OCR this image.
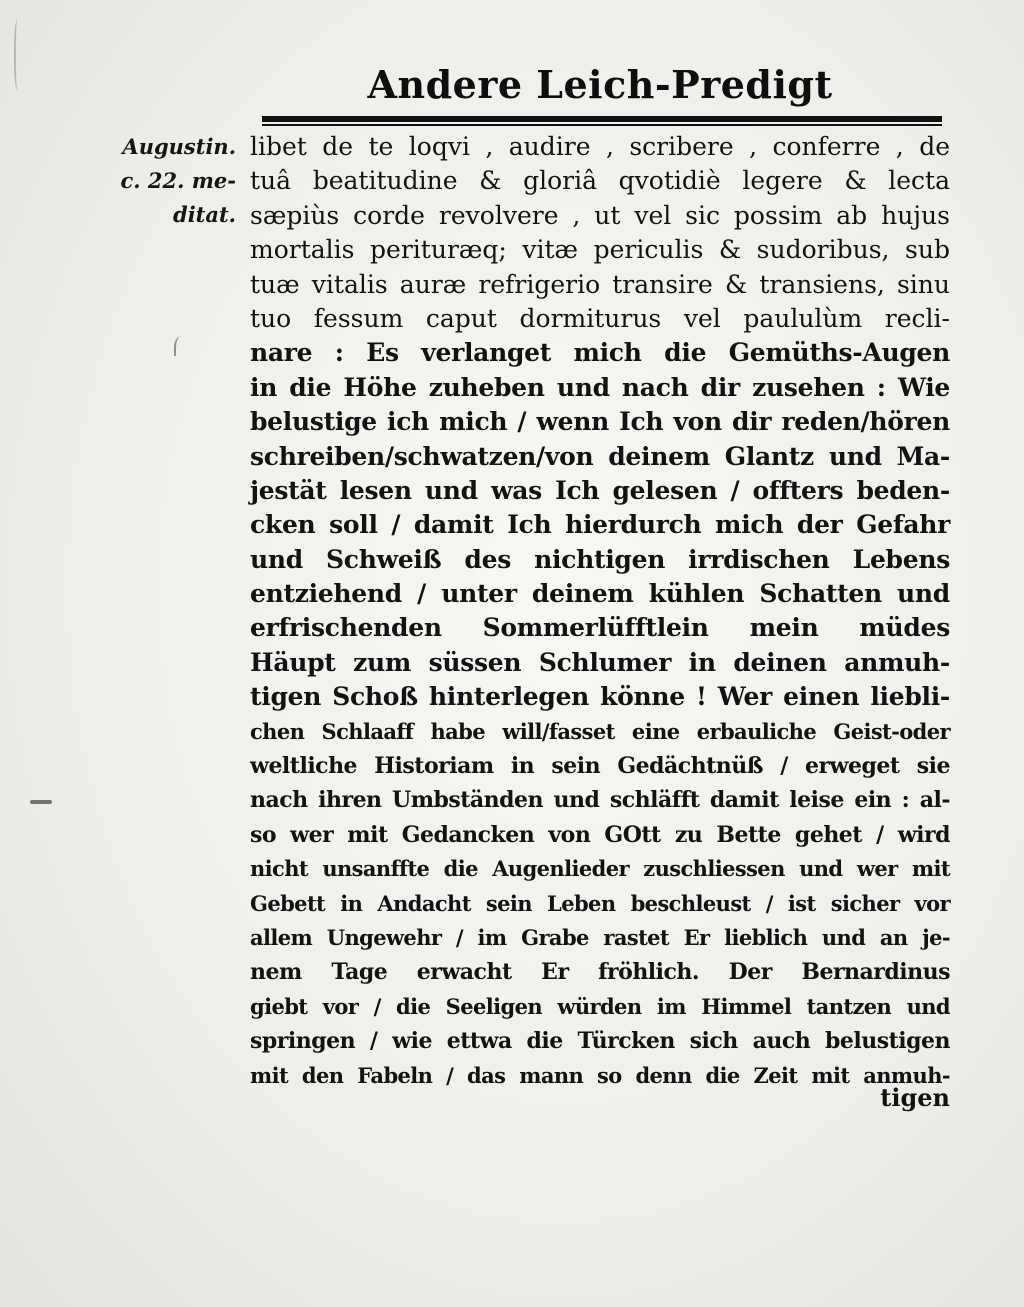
Andere Leich-Predigt
Augustin.
c. 22. me-
ditat.
libet de te loqvi , audire , scribere , conferre , de
tuâ beatitudine & gloriâ qvotidiè legere & lecta
sæpiùs corde revolvere , ut vel sic possim ab hujus
mortalis perituræq; vitæ periculis & sudoribus, sub
tuæ vitalis auræ refrigerio transire & transiens, sinu
tuo fessum caput dormiturus vel paululùm recli-
nare : Es verlanget mich die Gemüths-Augen
in die Höhe zuheben und nach dir zusehen : Wie
belustige ich mich / wenn Ich von dir reden/hören
schreiben/schwatzen/von deinem Glantz und Ma-
jestät lesen und was Ich gelesen / offters beden-
cken soll / damit Ich hierdurch mich der Gefahr
und Schweiß des nichtigen irrdischen Lebens
entziehend / unter deinem kühlen Schatten und
erfrischenden Sommerlüfftlein mein müdes
Häupt zum süssen Schlumer in deinen anmuh-
tigen Schoß hinterlegen könne ! Wer einen liebli-
chen Schlaaff habe will/fasset eine erbauliche Geist-oder
weltliche Historiam in sein Gedächtnüß / erweget sie
nach ihren Umbständen und schläfft damit leise ein : al-
so wer mit Gedancken von GOtt zu Bette gehet / wird
nicht unsanffte die Augenlieder zuschliessen und wer mit
Gebett in Andacht sein Leben beschleust / ist sicher vor
allem Ungewehr / im Grabe rastet Er lieblich und an je-
nem Tage erwacht Er fröhlich. Der Bernardinus
giebt vor / die Seeligen würden im Himmel tantzen und
springen / wie ettwa die Türcken sich auch belustigen
mit den Fabeln / das mann so denn die Zeit mit anmuh-
tigen
